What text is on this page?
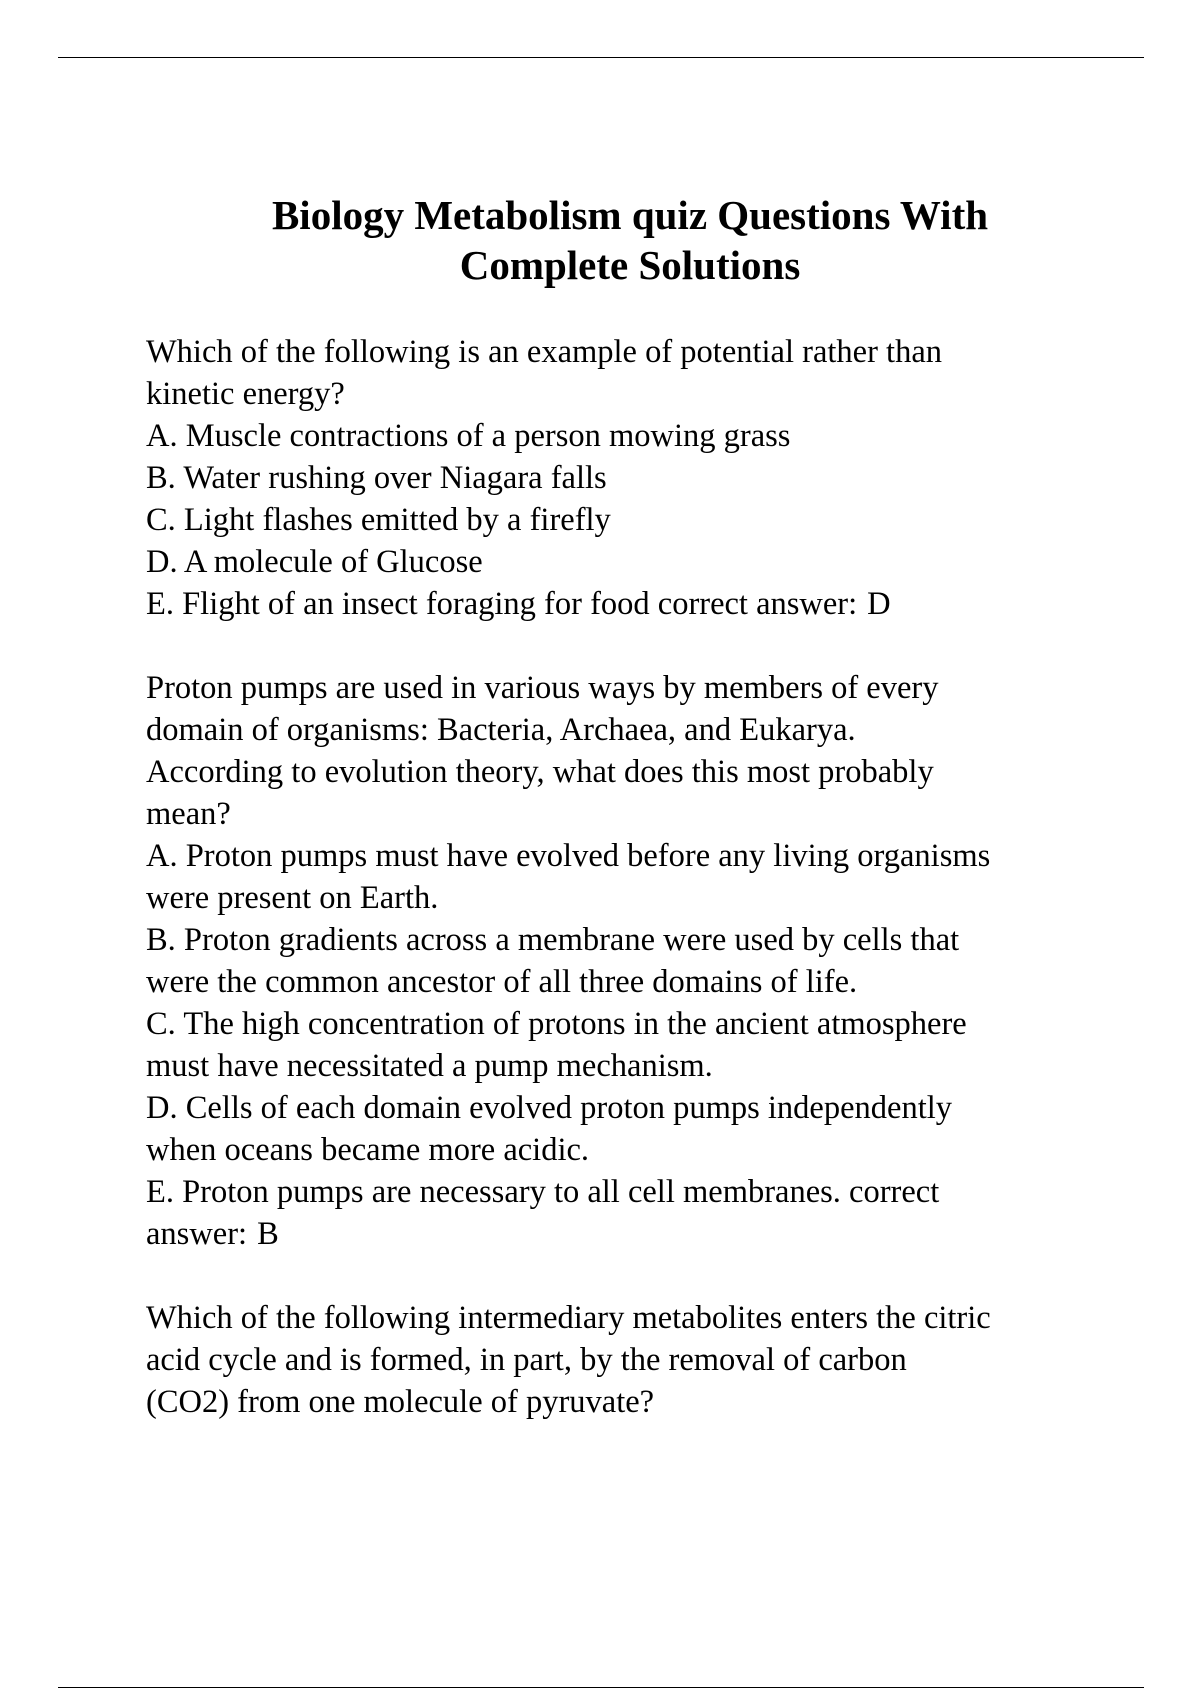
Biology Metabolism quiz Questions With
Complete Solutions

Which of the following is an example of potential rather than

kinetic energy?

A. Muscle contractions of a person mowing grass

B. Water rushing over Niagara falls

C. Light flashes emitted by a firefly

D. A molecule of Glucose

E. Flight of an insect foraging for food correct answer: D

Proton pumps are used in various ways by members of every

domain of organisms: Bacteria, Archaea, and Eukarya.

According to evolution theory, what does this most probably

mean?

A. Proton pumps must have evolved before any living organisms

were present on Earth.

B. Proton gradients across a membrane were used by cells that

were the common ancestor of all three domains of life.

C. The high concentration of protons in the ancient atmosphere

must have necessitated a pump mechanism.

D. Cells of each domain evolved proton pumps independently

when oceans became more acidic.

E. Proton pumps are necessary to all cell membranes. correct

answer: B

Which of the following intermediary metabolites enters the citric

acid cycle and is formed, in part, by the removal of carbon

(CO2) from one molecule of pyruvate?
